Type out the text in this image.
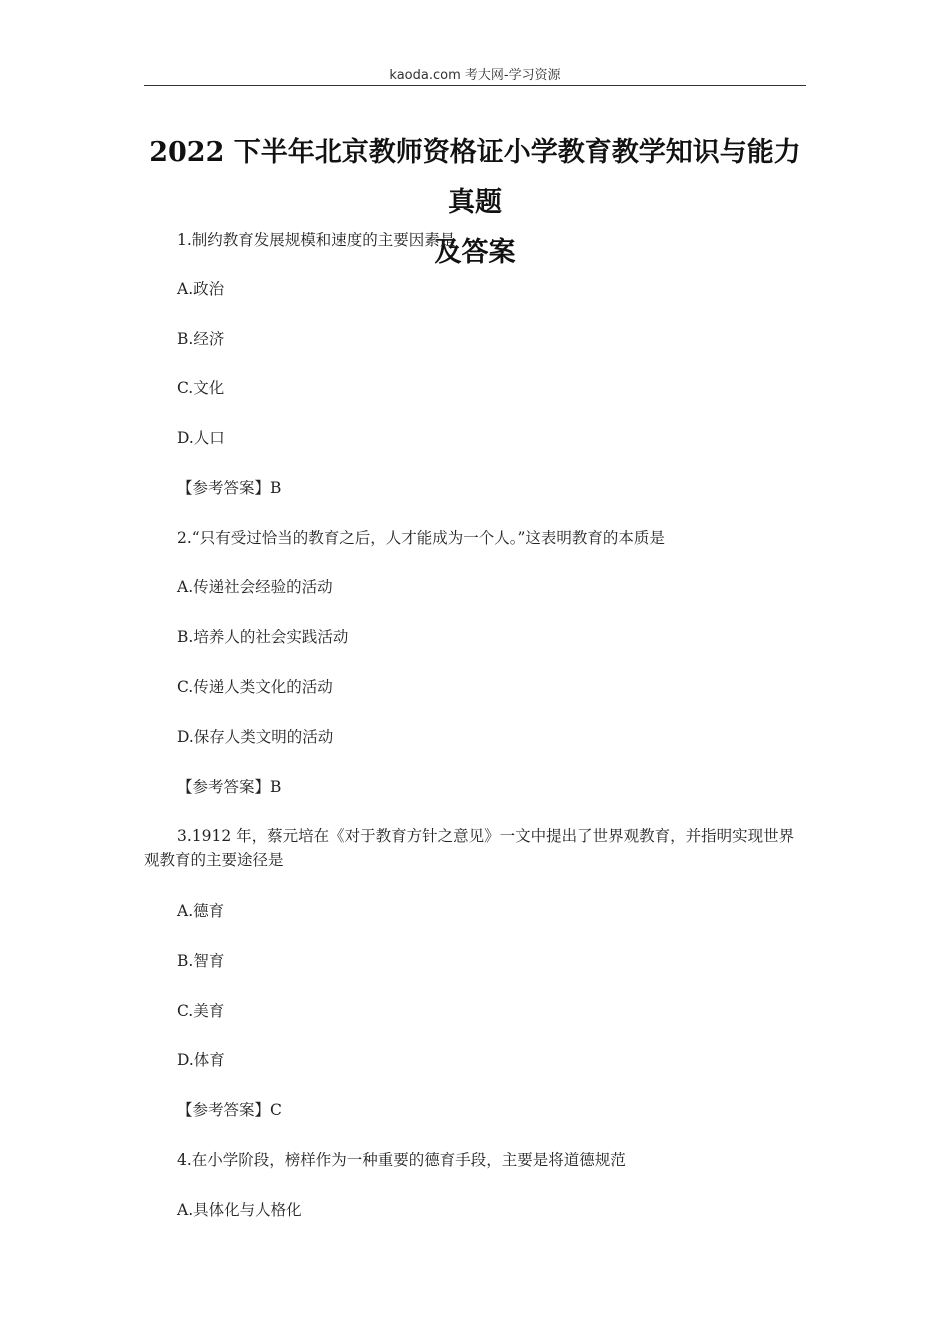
kaoda.com 考大网-学习资源
2022 下半年北京教师资格证小学教育教学知识与能力真题
及答案
1.制约教育发展规模和速度的主要因素是
A.政治
B.经济
C.文化
D.人口
【参考答案】B
2.“只有受过恰当的教育之后，人才能成为一个人。”这表明教育的本质是
A.传递社会经验的活动
B.培养人的社会实践活动
C.传递人类文化的活动
D.保存人类文明的活动
【参考答案】B
3.1912 年，蔡元培在《对于教育方针之意见》一文中提出了世界观教育，并指明实现世界观教育的主要途径是
A.德育
B.智育
C.美育
D.体育
【参考答案】C
4.在小学阶段，榜样作为一种重要的德育手段，主要是将道德规范
A.具体化与人格化
